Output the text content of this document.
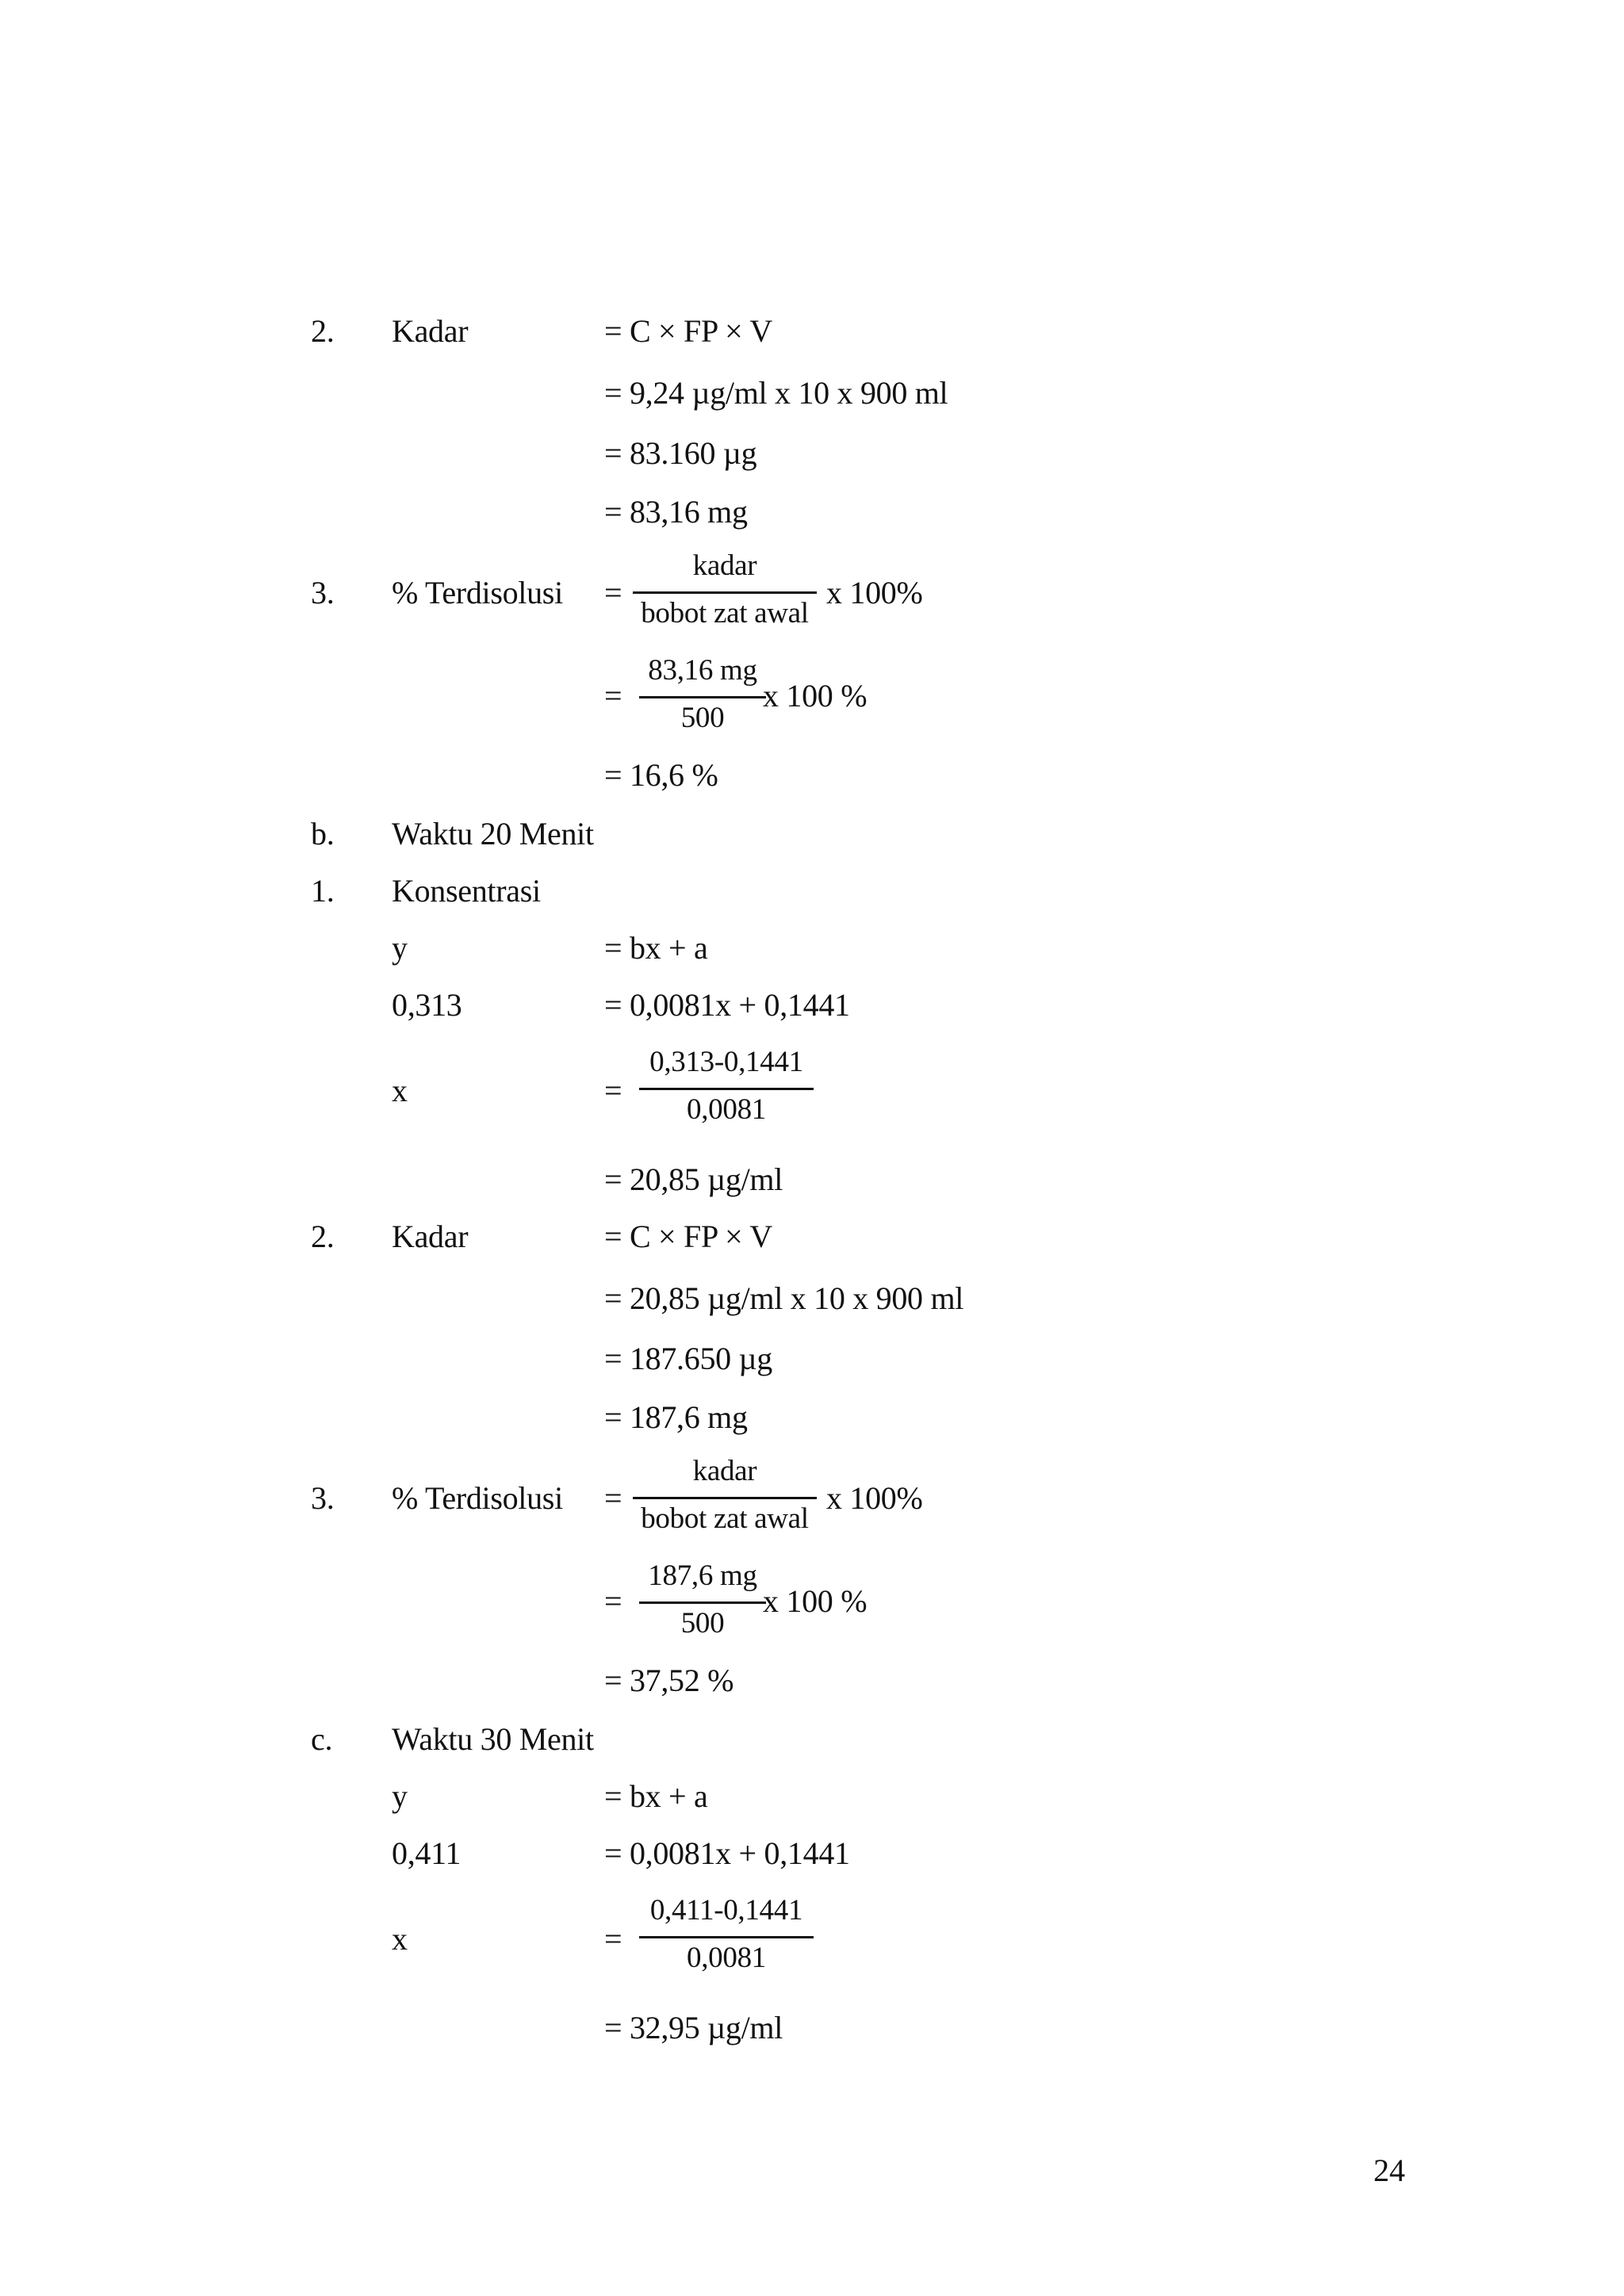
2. Kadar	= C × FP × V
= 9,24 µg/ml x 10 x 900 ml
= 83.160 µg
= 83,16 mg
3. % Terdisolusi =
kadar
bobot zat awal
x 100%
=
83,16 mg
500
x 100 %
= 16,6 %
b. Waktu 20 Menit
1. Konsentrasi
y	= bx + a
0,313	= 0,0081x + 0,1441
x	=
0,313-0,1441
0,0081
= 20,85 µg/ml
2. Kadar	= C × FP × V
= 20,85 µg/ml x 10 x 900 ml
= 187.650 µg
= 187,6 mg
3. % Terdisolusi =
kadar
bobot zat awal
x 100%
=
187,6 mg
500
x 100 %
= 37,52 %
c. Waktu 30 Menit
y	= bx + a
0,411	= 0,0081x + 0,1441
x	=
0,411-0,1441
0,0081
= 32,95 µg/ml
24
